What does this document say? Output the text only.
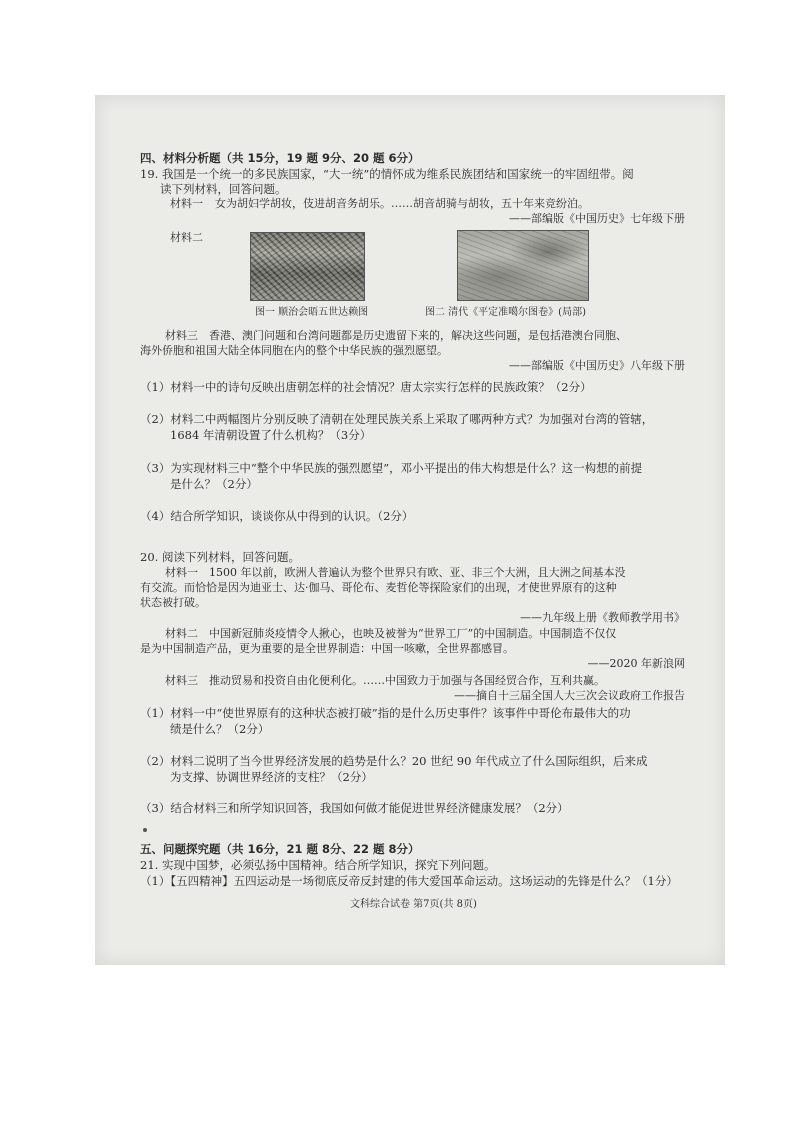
四、材料分析题（共 15分，19 题 9分、20 题 6分）
19. 我国是一个统一的多民族国家，“大一统”的情怀成为维系民族团结和国家统一的牢固纽带。阅
读下列材料，回答问题。
材料一 女为胡妇学胡妆，伎进胡音务胡乐。……胡音胡骑与胡妆，五十年来竞纷泊。
——部编版《中国历史》七年级下册
材料二
图一 顺治会晤五世达赖图	图二 清代《平定准噶尔图卷》(局部)
材料三　香港、澳门问题和台湾问题都是历史遗留下来的，解决这些问题，是包括港澳台同胞、
海外侨胞和祖国大陆全体同胞在内的整个中华民族的强烈愿望。
——部编版《中国历史》八年级下册
（1）材料一中的诗句反映出唐朝怎样的社会情况？唐太宗实行怎样的民族政策？（2分）
（2）材料二中两幅图片分别反映了清朝在处理民族关系上采取了哪两种方式？为加强对台湾的管辖，
1684 年清朝设置了什么机构？（3分）
（3）为实现材料三中“整个中华民族的强烈愿望”，邓小平提出的伟大构想是什么？这一构想的前提
是什么？（2分）
（4）结合所学知识，谈谈你从中得到的认识。（2分）
20. 阅读下列材料，回答问题。
材料一　1500 年以前，欧洲人普遍认为整个世界只有欧、亚、非三个大洲，且大洲之间基本没
有交流。而恰恰是因为迪亚士、达·伽马、哥伦布、麦哲伦等探险家们的出现，才使世界原有的这种
状态被打破。
——九年级上册《教师教学用书》
材料二　中国新冠肺炎疫情令人揪心，也映及被誉为“世界工厂”的中国制造。中国制造不仅仅
是为中国制造产品，更为重要的是全世界制造：中国一咳嗽，全世界都感冒。
——2020 年新浪网
材料三　推动贸易和投资自由化便利化。……中国致力于加强与各国经贸合作，互利共赢。
——摘自十三届全国人大三次会议政府工作报告
（1）材料一中“使世界原有的这种状态被打破”指的是什么历史事件？该事件中哥伦布最伟大的功
绩是什么？（2分）
（2）材料二说明了当今世界经济发展的趋势是什么？20 世纪 90 年代成立了什么国际组织，后来成
为支撑、协调世界经济的支柱？（2分）
（3）结合材料三和所学知识回答，我国如何做才能促进世界经济健康发展？（2分）
五、问题探究题（共 16分，21 题 8分、22 题 8分）
21. 实现中国梦，必须弘扬中国精神。结合所学知识，探究下列问题。
（1）【五四精神】五四运动是一场彻底反帝反封建的伟大爱国革命运动。这场运动的先锋是什么？（1分）
文科综合试卷 第7页(共 8页)
